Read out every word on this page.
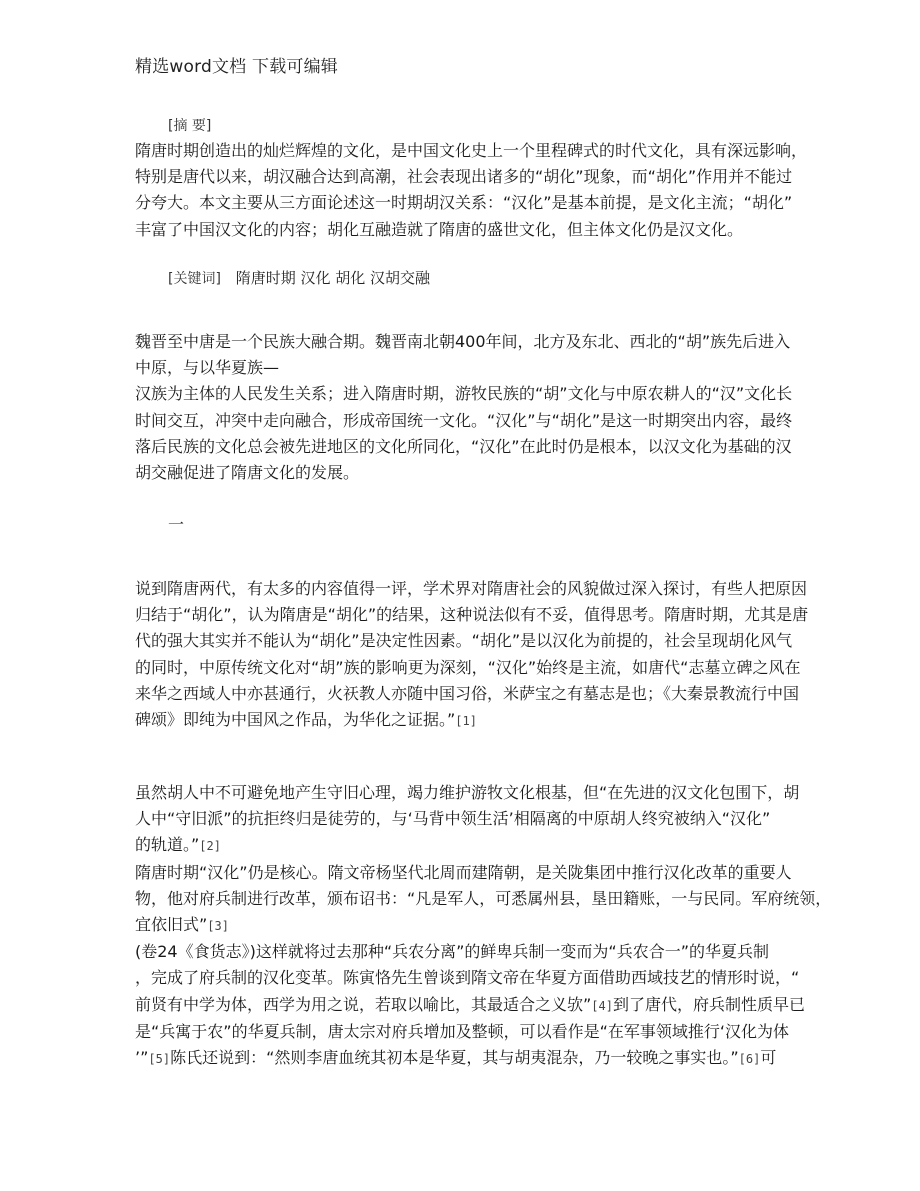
精选word文档 下载可编辑
[摘 要]
隋唐时期创造出的灿烂辉煌的文化，是中国文化史上一个里程碑式的时代文化，具有深远影响，
特别是唐代以来，胡汉融合达到高潮，社会表现出诸多的“胡化”现象，而“胡化”作用并不能过
分夸大。本文主要从三方面论述这一时期胡汉关系：“汉化”是基本前提，是文化主流；“胡化”
丰富了中国汉文化的内容；胡化互融造就了隋唐的盛世文化，但主体文化仍是汉文化。
[关键词] 隋唐时期 汉化 胡化 汉胡交融
魏晋至中唐是一个民族大融合期。魏晋南北朝400年间，北方及东北、西北的“胡”族先后进入
中原，与以华夏族—
汉族为主体的人民发生关系；进入隋唐时期，游牧民族的“胡”文化与中原农耕人的“汉”文化长
时间交互，冲突中走向融合，形成帝国统一文化。“汉化”与“胡化”是这一时期突出内容，最终
落后民族的文化总会被先进地区的文化所同化，“汉化”在此时仍是根本，以汉文化为基础的汉
胡交融促进了隋唐文化的发展。
一
说到隋唐两代，有太多的内容值得一评，学术界对隋唐社会的风貌做过深入探讨，有些人把原因
归结于“胡化”，认为隋唐是“胡化”的结果，这种说法似有不妥，值得思考。隋唐时期，尤其是唐
代的强大其实并不能认为“胡化”是决定性因素。“胡化”是以汉化为前提的，社会呈现胡化风气
的同时，中原传统文化对“胡”族的影响更为深刻，“汉化”始终是主流，如唐代“志墓立碑之风在
来华之西域人中亦甚通行，火祆教人亦随中国习俗，米萨宝之有墓志是也；《大秦景教流行中国
碑颂》即纯为中国风之作品，为华化之证据。”[1]
虽然胡人中不可避免地产生守旧心理，竭力维护游牧文化根基，但“在先进的汉文化包围下，胡
人中“守旧派”的抗拒终归是徒劳的，与‘马背中领生活’相隔离的中原胡人终究被纳入“汉化”
的轨道。”[2]
隋唐时期“汉化”仍是核心。隋文帝杨坚代北周而建隋朝，是关陇集团中推行汉化改革的重要人
物，他对府兵制进行改革，颁布诏书：“凡是军人，可悉属州县，垦田籍账，一与民同。军府统领，
宜依旧式”[3]
(卷24《食货志》)这样就将过去那种“兵农分离”的鲜卑兵制一变而为“兵农合一”的华夏兵制
，完成了府兵制的汉化变革。陈寅恪先生曾谈到隋文帝在华夏方面借助西域技艺的情形时说，“
前贤有中学为体，西学为用之说，若取以喻比，其最适合之义欤”[4]到了唐代，府兵制性质早已
是“兵寓于农”的华夏兵制，唐太宗对府兵增加及整顿，可以看作是“在军事领域推行‘汉化为体
’”[5]陈氏还说到：“然则李唐血统其初本是华夏，其与胡夷混杂，乃一较晚之事实也。”[6]可
